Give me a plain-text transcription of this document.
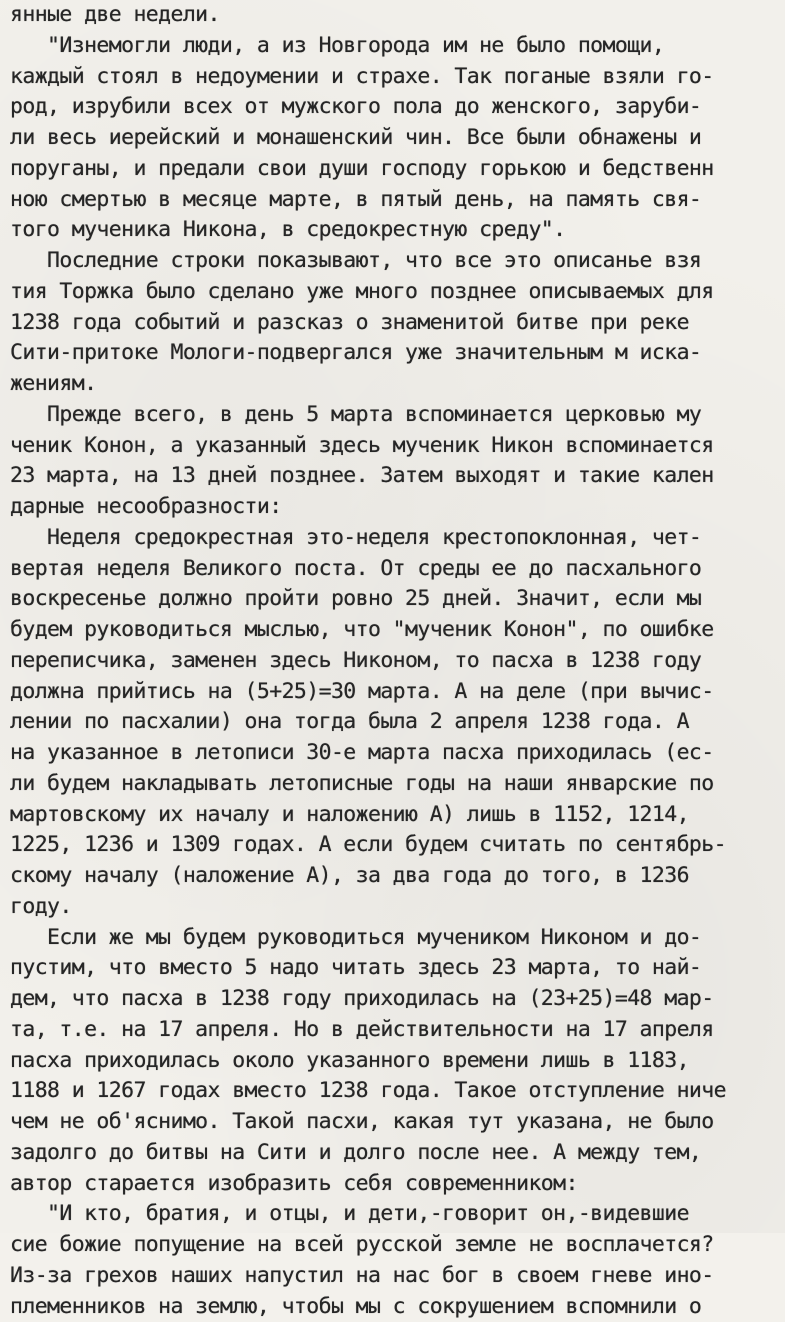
янные две недели.
"Изнемогли люди, а из Новгорода им не было помощи,
каждый стоял в недоумении и страхе. Так поганые взяли го-
род, изрубили всех от мужского пола до женского, заруби-
ли весь иерейский и монашенский чин. Все были обнажены и
поруганы, и предали свои души господу горькою и бедственн
ною смертью в месяце марте, в пятый день, на память свя-
того мученика Никона, в средокрестную среду".
Последние строки показывают, что все это описанье взя
тия Торжка было сделано уже много позднее описываемых для
1238 года событий и разсказ о знаменитой битве при реке
Сити-притоке Мологи-подвергался уже значительным м иска-
жениям.
Прежде всего, в день 5 марта вспоминается церковью му
ченик Конон, а указанный здесь мученик Никон вспоминается
23 марта, на 13 дней позднее. Затем выходят и такие кален
дарные несообразности:
Неделя средокрестная это-неделя крестопоклонная, чет-
вертая неделя Великого поста. От среды ее до пасхального
воскресенье должно пройти ровно 25 дней. Значит, если мы
будем руководиться мыслью, что "мученик Конон", по ошибке
переписчика, заменен здесь Никоном, то пасха в 1238 году
должна прийтись на (5+25)=30 марта. А на деле (при вычис-
лении по пасхалии) она тогда была 2 апреля 1238 года. А
на указанное в летописи 30-е марта пасха приходилась (ес-
ли будем накладывать летописные годы на наши январские по
мартовскому их началу и наложению А) лишь в 1152, 1214,
1225, 1236 и 1309 годах. А если будем считать по сентябрь-
скому началу (наложение А), за два года до того, в 1236
году.
Если же мы будем руководиться мучеником Никоном и до-
пустим, что вместо 5 надо читать здесь 23 марта, то най-
дем, что пасха в 1238 году приходилась на (23+25)=48 мар-
та, т.е. на 17 апреля. Но в действительности на 17 апреля
пасха приходилась около указанного времени лишь в 1183,
1188 и 1267 годах вместо 1238 года. Такое отступление ниче
чем не об'яснимо. Такой пасхи, какая тут указана, не было
задолго до битвы на Сити и долго после нее. А между тем,
автор старается изобразить себя современником:
"И кто, братия, и отцы, и дети,-говорит он,-видевшие
сие божие попущение на всей русской земле не восплачется?
Из-за грехов наших напустил на нас бог в своем гневе ино-
племенников на землю, чтобы мы с сокрушением вспомнили о
